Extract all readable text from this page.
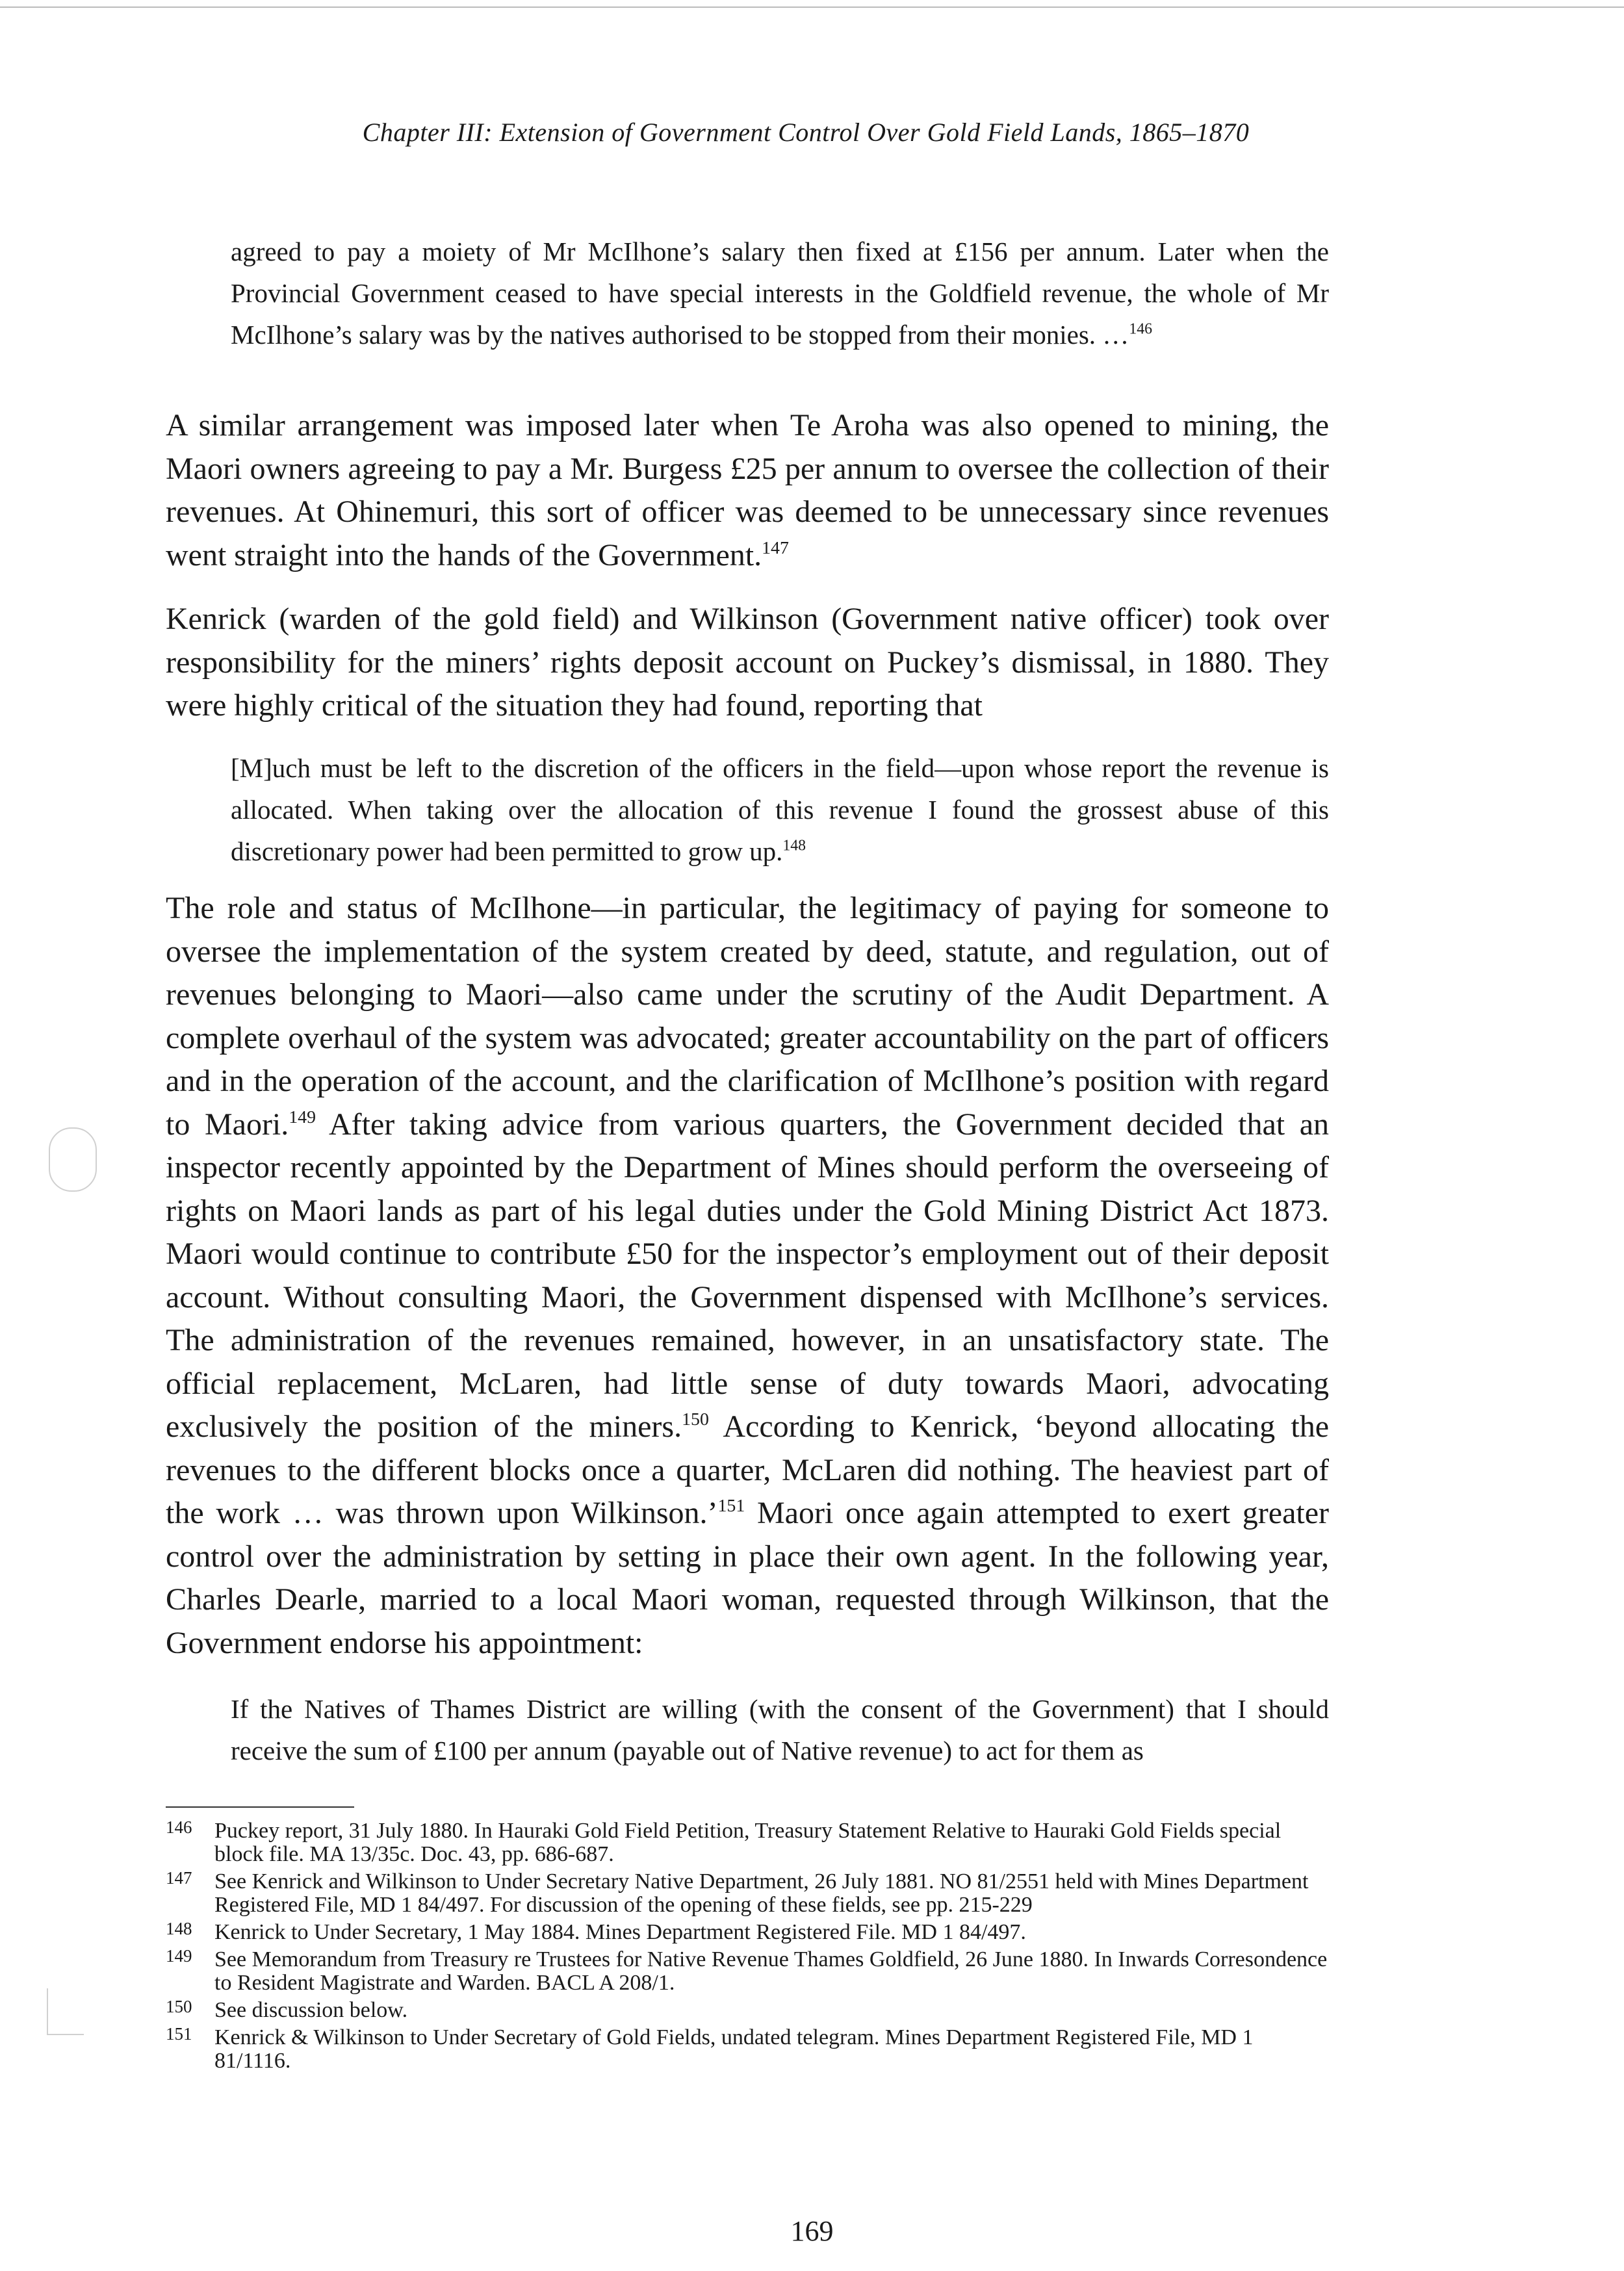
Chapter III: Extension of Government Control Over Gold Field Lands, 1865–1870

agreed to pay a moiety of Mr McIlhone’s salary then fixed at £156 per annum. Later when the Provincial Government ceased to have special interests in the Goldfield revenue, the whole of Mr McIlhone’s salary was by the natives authorised to be stopped from their monies. …$^{146}$

A similar arrangement was imposed later when Te Aroha was also opened to mining, the Maori owners agreeing to pay a Mr. Burgess £25 per annum to oversee the collection of their revenues. At Ohinemuri, this sort of officer was deemed to be unnecessary since revenues went straight into the hands of the Government.$^{147}$

Kenrick (warden of the gold field) and Wilkinson (Government native officer) took over responsibility for the miners’ rights deposit account on Puckey’s dismissal, in 1880. They were highly critical of the situation they had found, reporting that

[M]uch must be left to the discretion of the officers in the field—upon whose report the revenue is allocated. When taking over the allocation of this revenue I found the grossest abuse of this discretionary power had been permitted to grow up.$^{148}$

The role and status of McIlhone—in particular, the legitimacy of paying for someone to oversee the implementation of the system created by deed, statute, and regulation, out of revenues belonging to Maori—also came under the scrutiny of the Audit Department. A complete overhaul of the system was advocated; greater accountability on the part of officers and in the operation of the account, and the clarification of McIlhone’s position with regard to Maori.$^{149}$ After taking advice from various quarters, the Government decided that an inspector recently appointed by the Department of Mines should perform the overseeing of rights on Maori lands as part of his legal duties under the Gold Mining District Act 1873. Maori would continue to contribute £50 for the inspector’s employment out of their deposit account. Without consulting Maori, the Government dispensed with McIlhone’s services. The administration of the revenues remained, however, in an unsatisfactory state. The official replacement, McLaren, had little sense of duty towards Maori, advocating exclusively the position of the miners.$^{150}$ According to Kenrick, ‘beyond allocating the revenues to the different blocks once a quarter, McLaren did nothing. The heaviest part of the work … was thrown upon Wilkinson.’$^{151}$ Maori once again attempted to exert greater control over the administration by setting in place their own agent. In the following year, Charles Dearle, married to a local Maori woman, requested through Wilkinson, that the Government endorse his appointment:

If the Natives of Thames District are willing (with the consent of the Government) that I should receive the sum of £100 per annum (payable out of Native revenue) to act for them as

146 Puckey report, 31 July 1880. In Hauraki Gold Field Petition, Treasury Statement Relative to Hauraki Gold Fields special block file. MA 13/35c. Doc. 43, pp. 686-687.
147 See Kenrick and Wilkinson to Under Secretary Native Department, 26 July 1881. NO 81/2551 held with Mines Department Registered File, MD 1 84/497. For discussion of the opening of these fields, see pp. 215-229
148 Kenrick to Under Secretary, 1 May 1884. Mines Department Registered File. MD 1 84/497.
149 See Memorandum from Treasury re Trustees for Native Revenue Thames Goldfield, 26 June 1880. In Inwards Corresondence to Resident Magistrate and Warden. BACL A 208/1.
150 See discussion below.
151 Kenrick & Wilkinson to Under Secretary of Gold Fields, undated telegram. Mines Department Registered File, MD 1 81/1116.
169
